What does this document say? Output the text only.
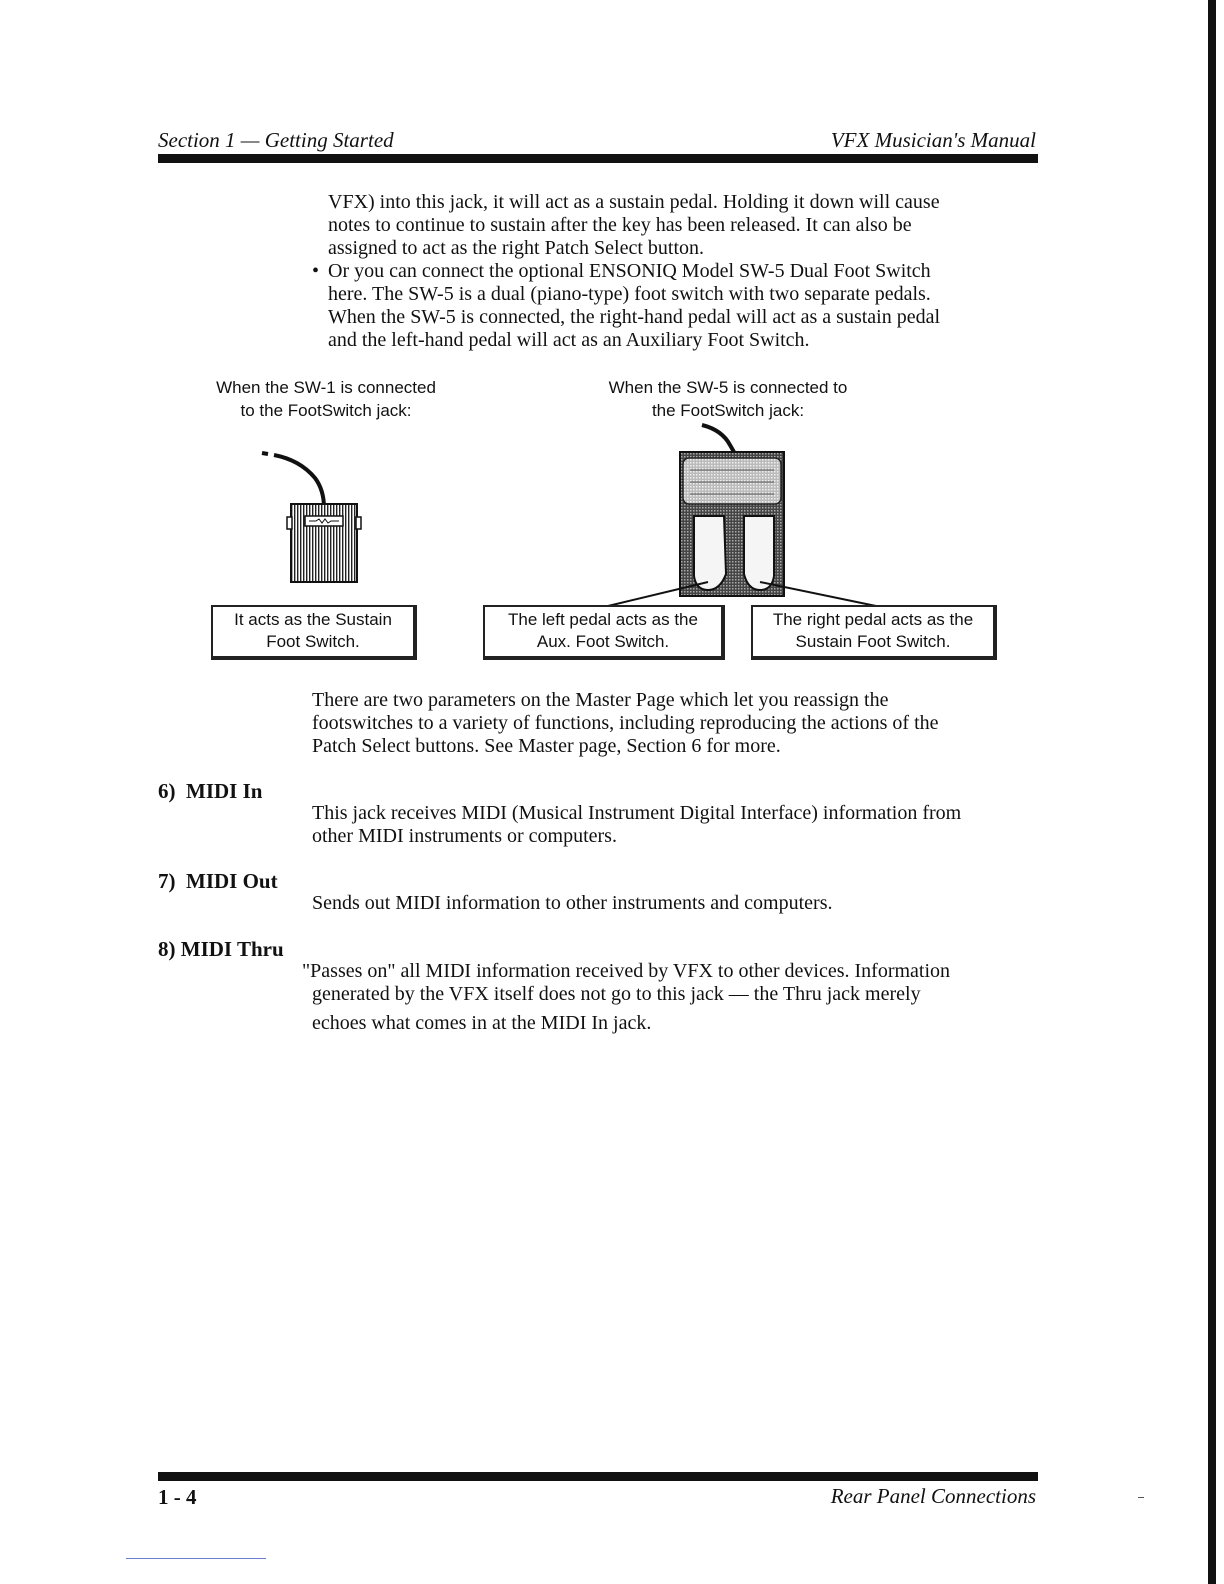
Section 1 — Getting Started	VFX Musician's Manual
VFX) into this jack, it will act as a sustain pedal. Holding it down will cause
notes to continue to sustain after the key has been released. It can also be
assigned to act as the right Patch Select button.
• Or you can connect the optional ENSONIQ Model SW-5 Dual Foot Switch
here. The SW-5 is a dual (piano-type) foot switch with two separate pedals.
When the SW-5 is connected, the right-hand pedal will act as a sustain pedal
and the left-hand pedal will act as an Auxiliary Foot Switch.
When the SW-1 is connected
to the FootSwitch jack:
When the SW-5 is connected to
the FootSwitch jack:
It acts as the Sustain
Foot Switch.
The left pedal acts as the
Aux. Foot Switch.
The right pedal acts as the
Sustain Foot Switch.
There are two parameters on the Master Page which let you reassign the
footswitches to a variety of functions, including reproducing the actions of the
Patch Select buttons. See Master page, Section 6 for more.
6) MIDI In
This jack receives MIDI (Musical Instrument Digital Interface) information from
other MIDI instruments or computers.
7) MIDI Out
Sends out MIDI information to other instruments and computers.
8) MIDI Thru
"Passes on" all MIDI information received by VFX to other devices. Information
generated by the VFX itself does not go to this jack — the Thru jack merely
echoes what comes in at the MIDI In jack.
1 - 4	Rear Panel Connections
